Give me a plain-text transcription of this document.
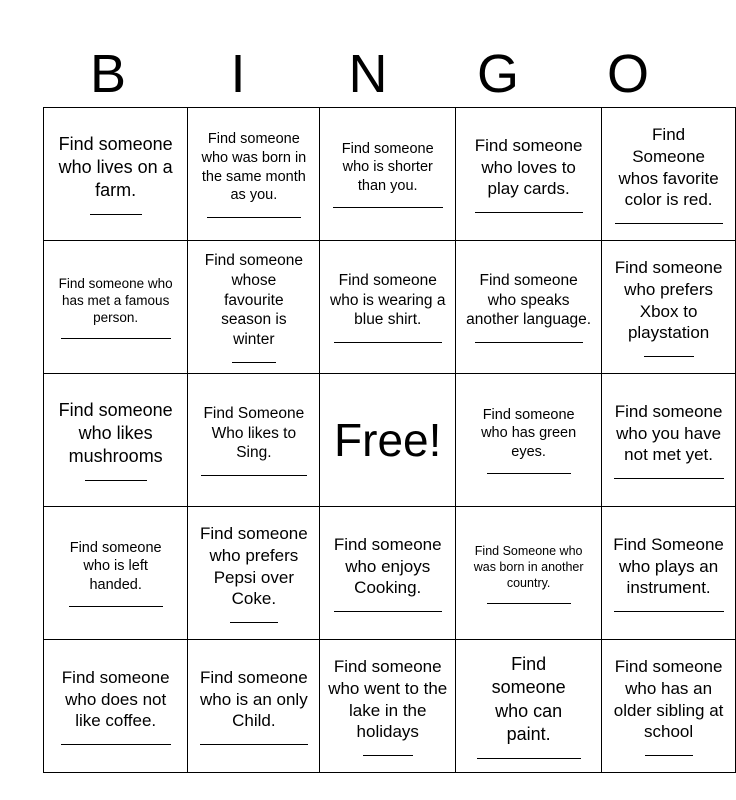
B	I	N	G	O
Find someone who lives on a farm.	Find someone who was born in the same month as you.	Find someone who is shorter than you.	Find someone who loves to play cards.	Find Someone whos favorite color is red.

Find someone who has met a famous person.	Find someone whose favourite season is winter	Find someone who is wearing a blue shirt.	Find someone who speaks another language.	Find someone who prefers Xbox to playstation

Find someone who likes mushrooms	Find Someone Who likes to Sing.	Free!	Find someone who has green eyes.	Find someone who you have not met yet.

Find someone who is left handed.	Find someone who prefers Pepsi over Coke.	Find someone who enjoys Cooking.	Find Someone who was born in another country.	Find Someone who plays an instrument.

Find someone who does not like coffee.	Find someone who is an only Child.	Find someone who went to the lake in the holidays	Find someone who can paint.	Find someone who has an older sibling at school
